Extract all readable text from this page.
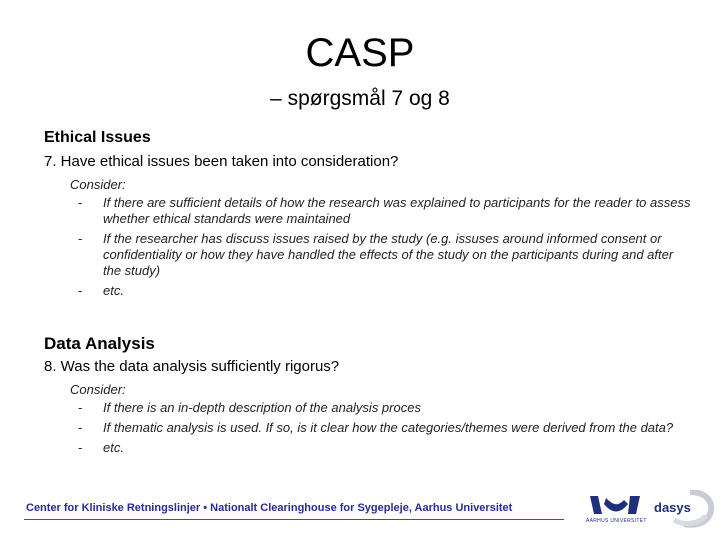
CASP
– spørgsmål 7 og 8

Ethical Issues

7. Have ethical issues been taken into consideration?

Consider:

- If there are sufficient details of how the research was explained to participants for the reader to assess whether ethical standards were maintained
- If the researcher has discuss issues raised by the study (e.g. issuses around informed consent or confidentiality or how they have handled the effects of the study on the participants during and after the study)
- etc.

Data Analysis

8. Was the data analysis sufficiently rigorus?

Consider:

- If there is an in-depth description of the analysis proces
- If thematic analysis is used. If so, is it clear how the categories/themes were derived from the data?
- etc.
Center for Kliniske Retningslinjer • Nationalt Clearinghouse for Sygepleje, Aarhus Universitet
AARHUS UNIVERSITET
dasys
